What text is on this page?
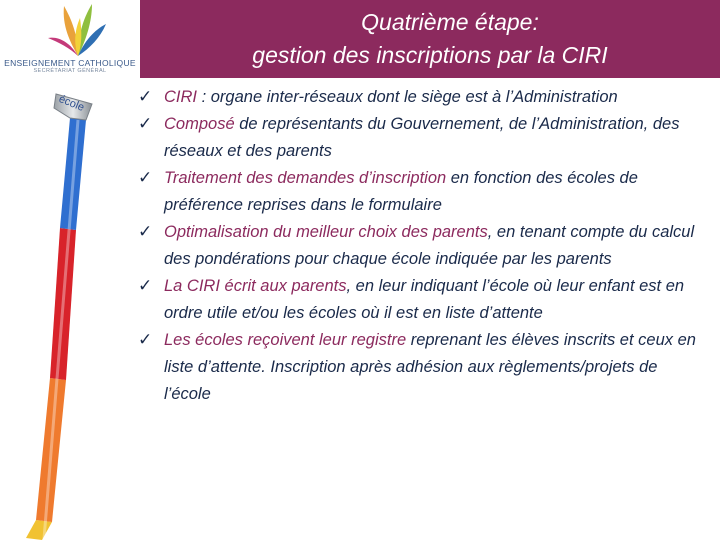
ENSEIGNEMENT CATHOLIQUE
SECRÉTARIAT GÉNÉRAL
Quatrième étape:
gestion des inscriptions par la CIRI
école	✓ CIRI : organe inter-réseaux dont le siège est à l’Administration
✓ Composé de représentants du Gouvernement, de l’Administration, des réseaux et des parents
✓ Traitement des demandes d’inscription en fonction des écoles de préférence reprises dans le formulaire
✓ Optimalisation du meilleur choix des parents, en tenant compte du calcul des pondérations pour chaque école indiquée par les parents
✓ La CIRI écrit aux parents, en leur indiquant l’école où leur enfant est en ordre utile et/ou les écoles où il est en liste d’attente
✓ Les écoles reçoivent leur registre reprenant les élèves inscrits et ceux en liste d’attente. Inscription après adhésion aux règlements/projets de l’école
